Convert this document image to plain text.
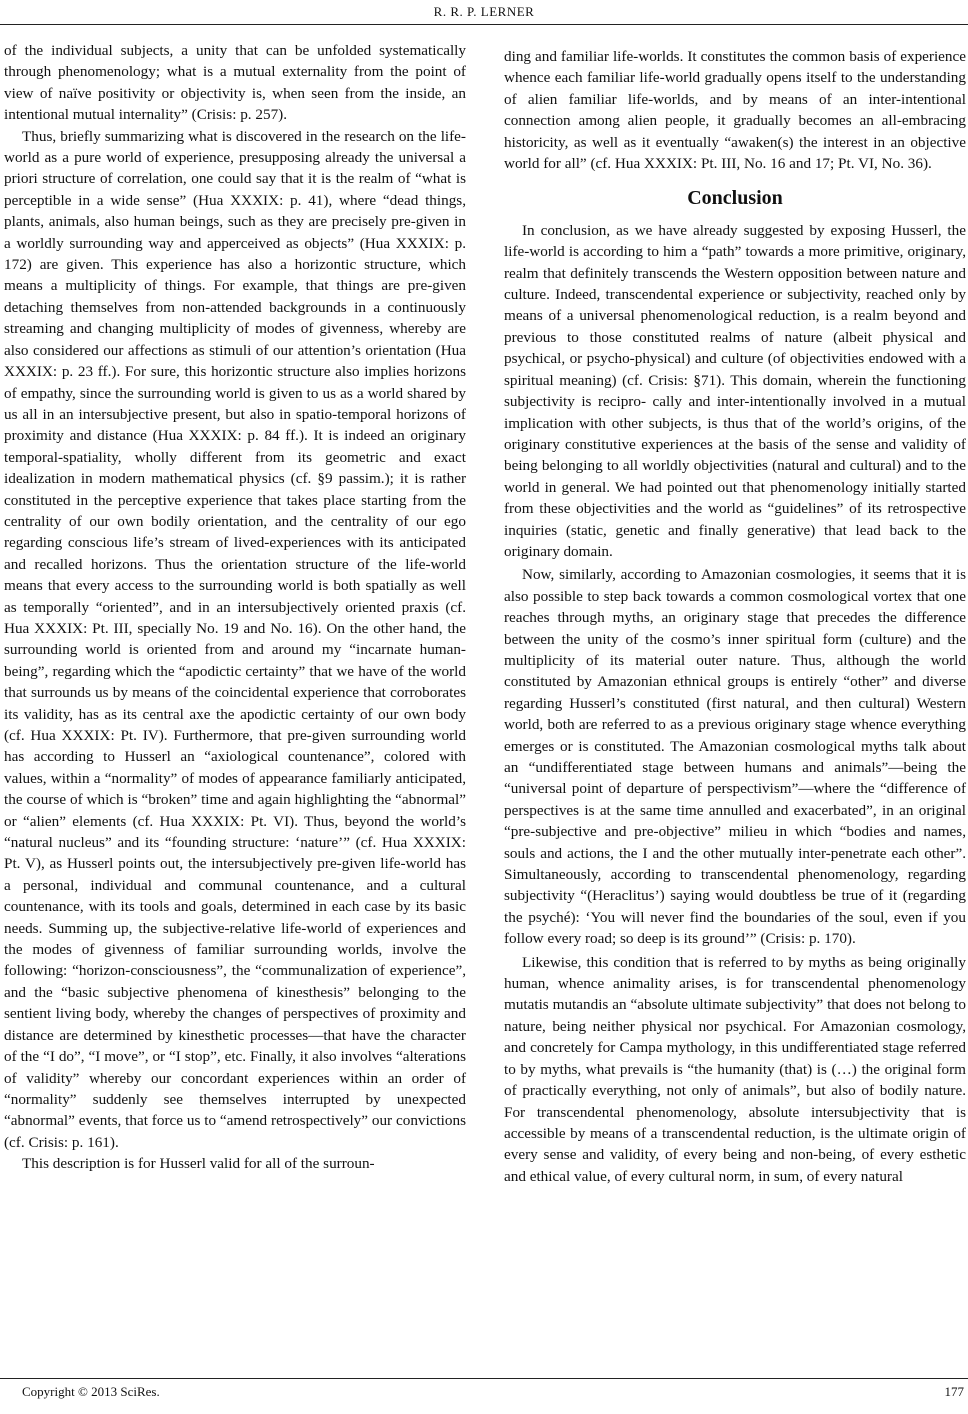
R. R. P. LERNER

of the individual subjects, a unity that can be unfolded systematically through phenomenology; what is a mutual externality from the point of view of naïve positivity or objectivity is, when seen from the inside, an intentional mutual internality” (Crisis: p. 257).

Thus, briefly summarizing what is discovered in the research on the life-world as a pure world of experience, presupposing already the universal a priori structure of correlation, one could say that it is the realm of “what is perceptible in a wide sense” (Hua XXXIX: p. 41), where “dead things, plants, animals, also human beings, such as they are precisely pre-given in a worldly surrounding way and apperceived as objects” (Hua XXXIX: p. 172) are given. This experience has also a horizontic structure, which means a multiplicity of things. For example, that things are pre-given detaching themselves from non-attended backgrounds in a continuously streaming and changing multiplicity of modes of givenness, whereby are also considered our affections as stimuli of our attention’s orientation (Hua XXXIX: p. 23 ff.). For sure, this horizontic structure also implies horizons of empathy, since the surrounding world is given to us as a world shared by us all in an intersubjective present, but also in spatio-temporal horizons of proximity and distance (Hua XXXIX: p. 84 ff.). It is indeed an originary temporal-spatiality, wholly different from its geometric and exact idealization in modern mathematical physics (cf. §9 passim.); it is rather constituted in the perceptive experience that takes place starting from the centrality of our own bodily orientation, and the centrality of our ego regarding conscious life’s stream of lived-experiences with its anticipated and recalled horizons. Thus the orientation structure of the life-world means that every access to the surrounding world is both spatially as well as temporally “oriented”, and in an intersubjectively oriented praxis (cf. Hua XXXIX: Pt. III, specially No. 19 and No. 16). On the other hand, the surrounding world is oriented from and around my “incarnate human-being”, regarding which the “apodictic certainty” that we have of the world that surrounds us by means of the coincidental experience that corroborates its validity, has as its central axe the apodictic certainty of our own body (cf. Hua XXXIX: Pt. IV). Furthermore, that pre-given surrounding world has according to Husserl an “axiological countenance”, colored with values, within a “normality” of modes of appearance familiarly anticipated, the course of which is “broken” time and again highlighting the “abnormal” or “alien” elements (cf. Hua XXXIX: Pt. VI). Thus, beyond the world’s “natural nucleus” and its “founding structure: ‘nature’” (cf. Hua XXXIX: Pt. V), as Husserl points out, the intersubjectively pre-given life-world has a personal, individual and communal countenance, and a cultural countenance, with its tools and goals, determined in each case by its basic needs. Summing up, the subjective-relative life-world of experiences and the modes of givenness of familiar surrounding worlds, involve the following: “horizon-consciousness”, the “communalization of experience”, and the “basic subjective phenomena of kinesthesis” belonging to the sentient living body, whereby the changes of perspectives of proximity and distance are determined by kinesthetic processes—that have the character of the “I do”, “I move”, or “I stop”, etc. Finally, it also involves “alterations of validity” whereby our concordant experiences within an order of “normality” suddenly see themselves interrupted by unexpected “abnormal” events, that force us to “amend retrospectively” our convictions (cf. Crisis: p. 161).

This description is for Husserl valid for all of the surroun-

ding and familiar life-worlds. It constitutes the common basis of experience whence each familiar life-world gradually opens itself to the understanding of alien familiar life-worlds, and by means of an inter-intentional connection among alien people, it gradually becomes an all-embracing historicity, as well as it eventually “awaken(s) the interest in an objective world for all” (cf. Hua XXXIX: Pt. III, No. 16 and 17; Pt. VI, No. 36).

Conclusion

In conclusion, as we have already suggested by exposing Husserl, the life-world is according to him a “path” towards a more primitive, originary, realm that definitely transcends the Western opposition between nature and culture. Indeed, transcendental experience or subjectivity, reached only by means of a universal phenomenological reduction, is a realm beyond and previous to those constituted realms of nature (albeit physical and psychical, or psycho-physical) and culture (of objectivities endowed with a spiritual meaning) (cf. Crisis: §71). This domain, wherein the functioning subjectivity is recipro- cally and inter-intentionally involved in a mutual implication with other subjects, is thus that of the world’s origins, of the originary constitutive experiences at the basis of the sense and validity of being belonging to all worldly objectivities (natural and cultural) and to the world in general. We had pointed out that phenomenology initially started from these objectivities and the world as “guidelines” of its retrospective inquiries (static, genetic and finally generative) that lead back to the originary domain.

Now, similarly, according to Amazonian cosmologies, it seems that it is also possible to step back towards a common cosmological vortex that one reaches through myths, an originary stage that precedes the difference between the unity of the cosmo’s inner spiritual form (culture) and the multiplicity of its material outer nature. Thus, although the world constituted by Amazonian ethnical groups is entirely “other” and diverse regarding Husserl’s constituted (first natural, and then cultural) Western world, both are referred to as a previous originary stage whence everything emerges or is constituted. The Amazonian cosmological myths talk about an “undifferentiated stage between humans and animals”—being the “universal point of departure of perspectivism”—where the “difference of perspectives is at the same time annulled and exacerbated”, in an original “pre-subjective and pre-objective” milieu in which “bodies and names, souls and actions, the I and the other mutually inter-penetrate each other”. Simultaneously, according to transcendental phenomenology, regarding subjectivity “(Heraclitus’) saying would doubtless be true of it (regarding the psyché): ‘You will never find the boundaries of the soul, even if you follow every road; so deep is its ground’” (Crisis: p. 170).

Likewise, this condition that is referred to by myths as being originally human, whence animality arises, is for transcendental phenomenology mutatis mutandis an “absolute ultimate subjectivity” that does not belong to nature, being neither physical nor psychical. For Amazonian cosmology, and concretely for Campa mythology, in this undifferentiated stage referred to by myths, what prevails is “the humanity (that) is (…) the original form of practically everything, not only of animals”, but also of bodily nature. For transcendental phenomenology, absolute intersubjectivity that is accessible by means of a transcendental reduction, is the ultimate origin of every sense and validity, of every being and non-being, of every esthetic and ethical value, of every cultural norm, in sum, of every natural

Copyright © 2013 SciRes.	177
